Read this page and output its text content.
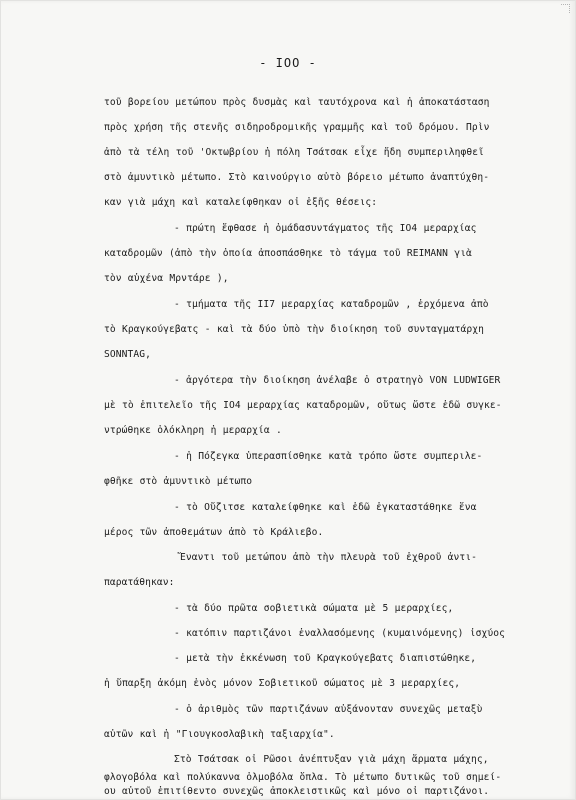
- IOO -
τοῦ βορείου μετώπου πρὸς δυσμὰς καὶ ταυτόχρονα καὶ ἡ ἀποκατάσταση
πρὸς χρήση τῆς στενῆς σιδηροδρομικῆς γραμμῆς καὶ τοῦ δρόμου. Πρὶν
ἀπὸ τὰ τέλη τοῦ 'Οκτωβρίου ἡ πόλη Τσάτσακ εἶχε ἤδη συμπεριληφθεῖ
στὸ ἀμυντικὸ μέτωπο. Στὸ καινούργιο αὐτὸ βόρειο μέτωπο ἀναπτύχθη-
καν γιὰ μάχη καὶ καταλείφθηκαν οἱ ἑξῆς θέσεις:
- πρώτη ἔφθασε ἡ ὁμάδασυντάγματος τῆς IO4 μεραρχίας
καταδρομῶν (ἀπὸ τὴν ὁποία ἀποσπάσθηκε τὸ τάγμα τοῦ REIMANN γιὰ
τὸν αὐχένα Μρντάρε ),
- τμήματα τῆς II7 μεραρχίας καταδρομῶν , ἐρχόμενα ἀπὸ
τὸ Κραγκούγεβατς - καὶ τὰ δύο ὑπὸ τὴν διοίκηση τοῦ συνταγματάρχη
SONNTAG,
- ἀργότερα τὴν διοίκηση ἀνέλαβε ὁ στρατηγὸ VON LUDWIGER
μὲ τὸ ἐπιτελεῖο τῆς IO4 μεραρχίας καταδρομῶν, οὕτως ὥστε ἐδῶ συγκε-
ντρώθηκε ὁλόκληρη ἡ μεραρχία .
- ἡ Πόζεγκα ὑπερασπίσθηκε κατὰ τρόπο ὥστε συμπεριλε-
φθῆκε στὸ ἀμυντικὸ μέτωπο
- τὸ Οὔζιτσε καταλείφθηκε καὶ ἐδῶ ἐγκαταστάθηκε ἕνα
μέρος τῶν ἀποθεμάτων ἀπὸ τὸ Κράλιεβο.
Ἔναντι τοῦ μετώπου ἀπὸ τὴν πλευρὰ τοῦ ἐχθροῦ ἀντι-
παρατάθηκαν:
- τὰ δύο πρῶτα σοβιετικὰ σώματα μὲ 5 μεραρχίες,
- κατόπιν παρτιζάνοι ἐναλλασόμενης (κυμαινόμενης) ἰσχύος
- μετὰ τὴν ἐκκένωση τοῦ Κραγκούγεβατς διαπιστώθηκε,
ἡ ὕπαρξη ἀκόμη ἑνὸς μόνον Σοβιετικοῦ σώματος μὲ 3 μεραρχίες,
- ὁ ἀριθμὸς τῶν παρτιζάνων αὐξάνονταν συνεχῶς μεταξὺ
αὐτῶν καὶ ἡ "Γιουγκοσλαβικὴ ταξιαρχία".
Στὸ Τσάτσακ οἱ Ρῶσοι ἀνέπτυξαν γιὰ μάχη ἅρματα μάχης,
φλογοβόλα καὶ πολύκαννα ὁλμοβόλα ὅπλα. Τὸ μέτωπο δυτικῶς τοῦ σημεί-
ου αὐτοῦ ἐπιτίθεντο συνεχῶς ἀποκλειστικῶς καὶ μόνο οἱ παρτιζάνοι.
